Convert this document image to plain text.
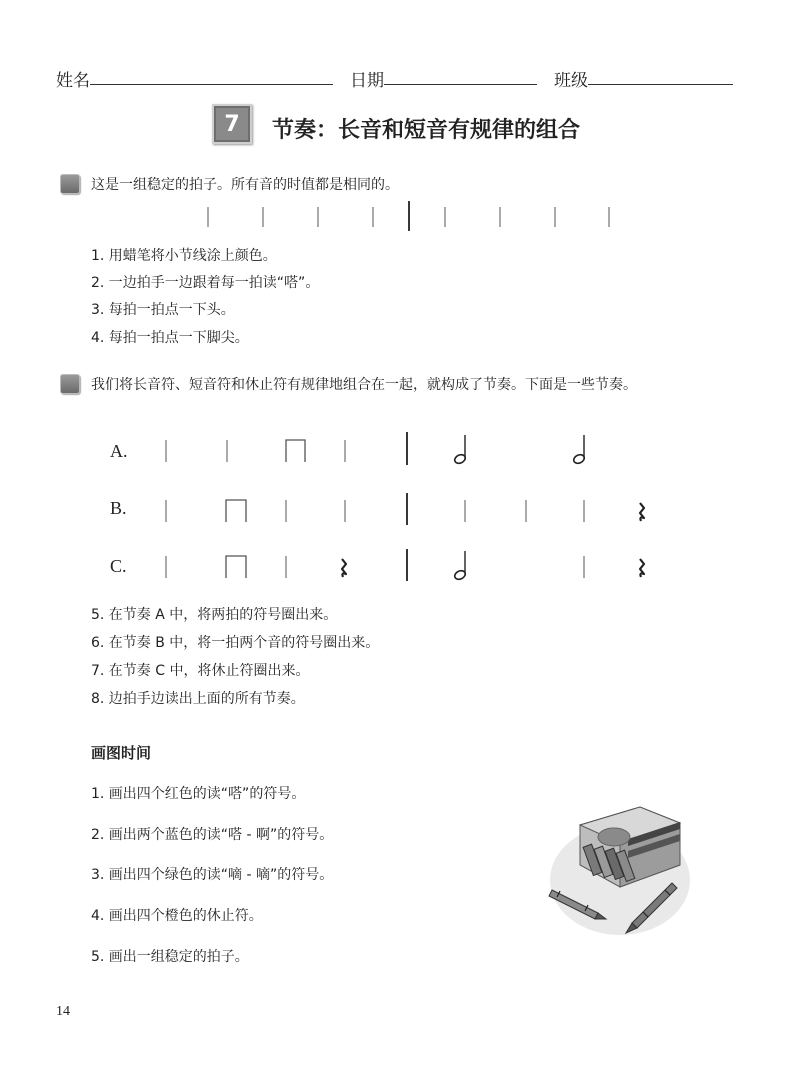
姓名	日期	班级
7	节奏：长音和短音有规律的组合
这是一组稳定的拍子。所有音的时值都是相同的。
1. 用蜡笔将小节线涂上颜色。
2. 一边拍手一边跟着每一拍读“嗒”。
3. 每拍一拍点一下头。
4. 每拍一拍点一下脚尖。
我们将长音符、短音符和休止符有规律地组合在一起，就构成了节奏。下面是一些节奏。
A.
B.
C.
5. 在节奏 A 中，将两拍的符号圈出来。
6. 在节奏 B 中，将一拍两个音的符号圈出来。
7. 在节奏 C 中，将休止符圈出来。
8. 边拍手边读出上面的所有节奏。
画图时间
1. 画出四个红色的读“嗒”的符号。
2. 画出两个蓝色的读“嗒 - 啊”的符号。
3. 画出四个绿色的读“嘀 - 嘀”的符号。
4. 画出四个橙色的休止符。
5. 画出一组稳定的拍子。
14
